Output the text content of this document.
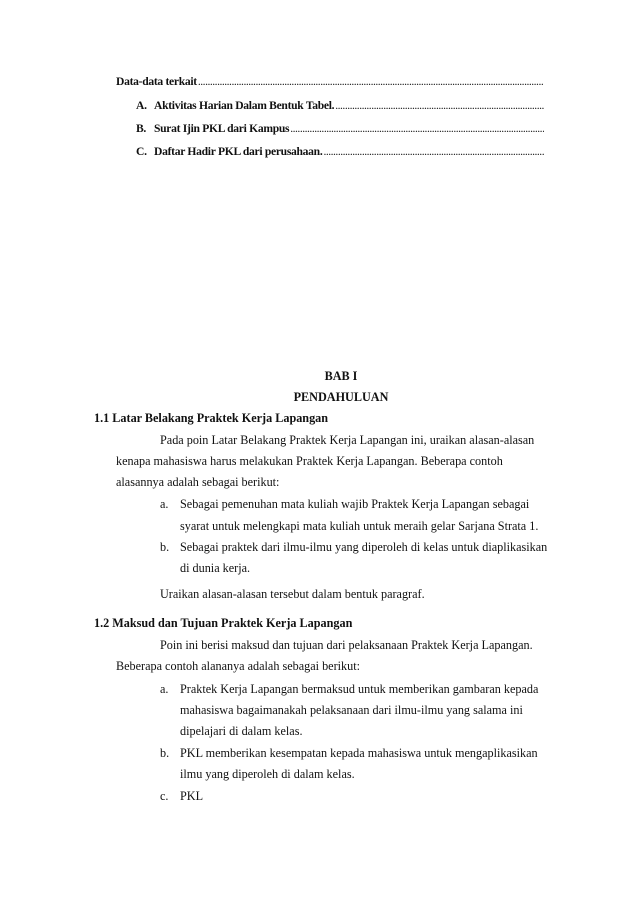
Data-data terkait
.....
A. Aktivitas Harian Dalam Bentuk Tabel.
.....
B. Surat Ijin PKL dari Kampus
.....
C. Daftar Hadir PKL dari perusahaan.
.....
BAB I
PENDAHULUAN
1.1 Latar Belakang Praktek Kerja Lapangan
Pada poin Latar Belakang Praktek Kerja Lapangan ini, uraikan alasan-alasan
kenapa mahasiswa harus melakukan Praktek Kerja Lapangan. Beberapa contoh
alasannya adalah sebagai berikut:
a. Sebagai pemenuhan mata kuliah wajib Praktek Kerja Lapangan sebagai
syarat untuk melengkapi mata kuliah untuk meraih gelar Sarjana Strata 1.
b. Sebagai praktek dari ilmu-ilmu yang diperoleh di kelas untuk diaplikasikan
di dunia kerja.
Uraikan alasan-alasan tersebut dalam bentuk paragraf.
1.2 Maksud dan Tujuan Praktek Kerja Lapangan
Poin ini berisi maksud dan tujuan dari pelaksanaan Praktek Kerja Lapangan.
Beberapa contoh alananya adalah sebagai berikut:
a. Praktek Kerja Lapangan bermaksud untuk memberikan gambaran kepada
mahasiswa bagaimanakah pelaksanaan dari ilmu-ilmu yang salama ini
dipelajari di dalam kelas.
b. PKL memberikan kesempatan kepada mahasiswa untuk mengaplikasikan
ilmu yang diperoleh di dalam kelas.
c. PKL
